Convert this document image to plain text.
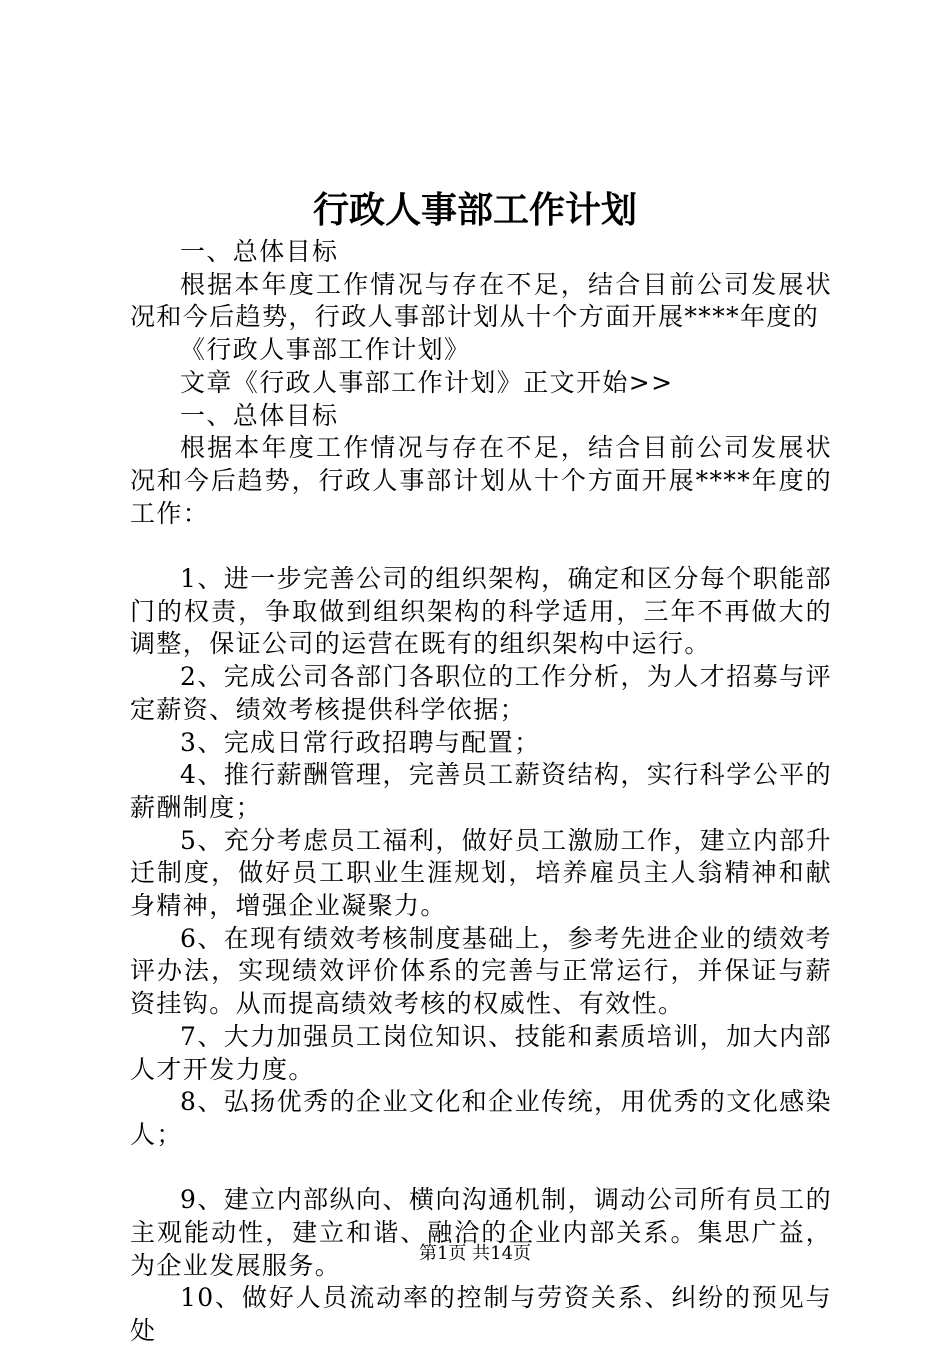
行政人事部工作计划

一、总体目标

根据本年度工作情况与存在不足，结合目前公司发展状况和今后趋势，行政人事部计划从十个方面开展****年度的

《行政人事部工作计划》

文章《行政人事部工作计划》正文开始>>

一、总体目标

根据本年度工作情况与存在不足，结合目前公司发展状况和今后趋势，行政人事部计划从十个方面开展****年度的工作：

1、进一步完善公司的组织架构，确定和区分每个职能部门的权责，争取做到组织架构的科学适用，三年不再做大的调整，保证公司的运营在既有的组织架构中运行。

2、完成公司各部门各职位的工作分析，为人才招募与评定薪资、绩效考核提供科学依据；

3、完成日常行政招聘与配置；

4、推行薪酬管理，完善员工薪资结构，实行科学公平的薪酬制度；

5、充分考虑员工福利，做好员工激励工作，建立内部升迁制度，做好员工职业生涯规划，培养雇员主人翁精神和献身精神，增强企业凝聚力。

6、在现有绩效考核制度基础上，参考先进企业的绩效考评办法，实现绩效评价体系的完善与正常运行，并保证与薪资挂钩。从而提高绩效考核的权威性、有效性。

7、大力加强员工岗位知识、技能和素质培训，加大内部人才开发力度。

8、弘扬优秀的企业文化和企业传统，用优秀的文化感染人；

9、建立内部纵向、横向沟通机制，调动公司所有员工的主观能动性，建立和谐、融洽的企业内部关系。集思广益，为企业发展服务。

10、做好人员流动率的控制与劳资关系、纠纷的预见与处

第1页 共14页
